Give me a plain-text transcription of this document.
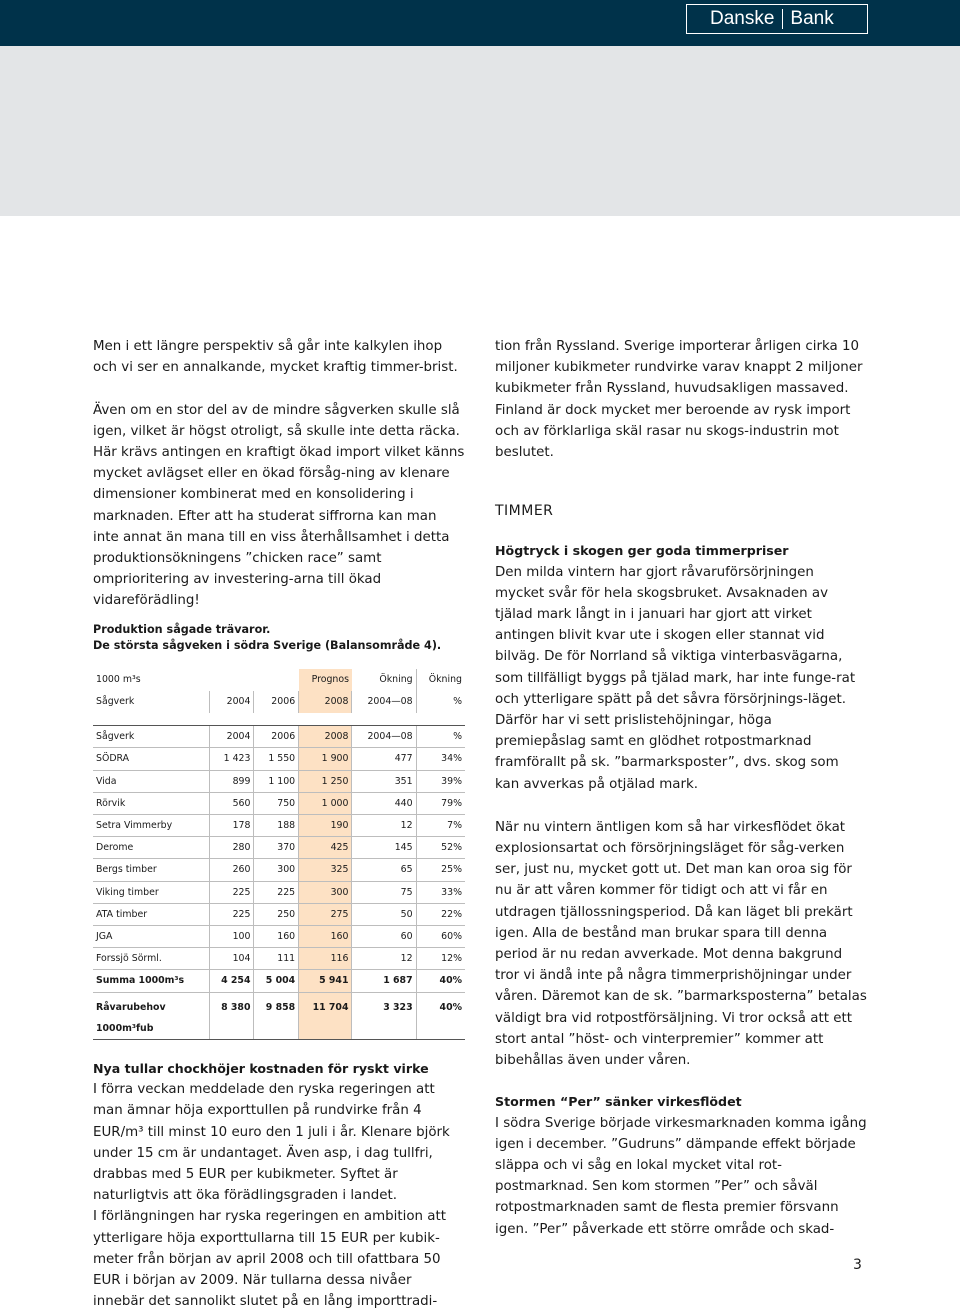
Danske Bank

Men i ett längre perspektiv så går inte kalkylen ihop och vi ser en annalkande, mycket kraftig timmer-brist.

Även om en stor del av de mindre sågverken skulle slå igen, vilket är högst otroligt, så skulle inte detta räcka. Här krävs antingen en kraftigt ökad import vilket känns mycket avlägset eller en ökad försåg-ning av klenare dimensioner kombinerat med en konsolidering i marknaden. Efter att ha studerat siffrorna kan man inte annat än mana till en viss återhållsamhet i detta produktionsökningens ”chicken race” samt omprioritering av investering-arna till ökad vidareförädling!

Produktion sågade trävaror.

De största sågveken i södra Sverige (Balansområde 4).

1000 m³s			Prognos	Ökning	Ökning
Sågverk	2004	2006	2008	2004—08	%

Sågverk	2004	2006	2008	2004—08	%
SÖDRA	1 423	1 550	1 900	477	34%
Vida	899	1 100	1 250	351	39%
Rörvik	560	750	1 000	440	79%
Setra Vimmerby	178	188	190	12	7%
Derome	280	370	425	145	52%
Bergs timber	260	300	325	65	25%
Viking timber	225	225	300	75	33%
ATA timber	225	250	275	50	22%
JGA	100	160	160	60	60%
Forssjö Sörml.	104	111	116	12	12%
Summa 1000m³s	4 254	5 004	5 941	1 687	40%
Råvarubehov
1000m³fub	8 380	9 858	11 704	3 323	40%

Nya tullar chockhöjer kostnaden för ryskt virke

I förra veckan meddelade den ryska regeringen att man ämnar höja exporttullen på rundvirke från 4 EUR/m³ till minst 10 euro den 1 juli i år. Klenare björk under 15 cm är undantaget. Även asp, i dag tullfri, drabbas med 5 EUR per kubikmeter. Syftet är naturligtvis att öka förädlingsgraden i landet.

I förlängningen har ryska regeringen en ambition att ytterligare höja exporttullarna till 15 EUR per kubik-meter från början av april 2008 och till ofattbara 50 EUR i början av 2009. När tullarna dessa nivåer innebär det sannolikt slutet på en lång importtradi-

tion från Ryssland. Sverige importerar årligen cirka 10 miljoner kubikmeter rundvirke varav knappt 2 miljoner kubikmeter från Ryssland, huvudsakligen massaved. Finland är dock mycket mer beroende av rysk import och av förklarliga skäl rasar nu skogs-industrin mot beslutet.

TIMMER

Högtryck i skogen ger goda timmerpriser

Den milda vintern har gjort råvaruförsörjningen mycket svår för hela skogsbruket. Avsaknaden av tjälad mark långt in i januari har gjort att virket antingen blivit kvar ute i skogen eller stannat vid bilväg. De för Norrland så viktiga vinterbasvägarna, som tillfälligt byggs på tjälad mark, har inte funge-rat och ytterligare spätt på det såvra försörjnings-läget. Därför har vi sett prislistehöjningar, höga premiepåslag samt en glödhet rotpostmarknad framförallt på sk. ”barmarksposter”, dvs. skog som kan avverkas på otjälad mark.

När nu vintern äntligen kom så har virkesflödet ökat explosionsartat och försörjningsläget för såg-verken ser, just nu, mycket gott ut. Det man kan oroa sig för nu är att våren kommer för tidigt och att vi får en utdragen tjällossningsperiod. Då kan läget bli prekärt igen. Alla de bestånd man brukar spara till denna period är nu redan avverkade. Mot denna bakgrund tror vi ändå inte på några timmerprishöjningar under våren. Däremot kan de sk. ”barmarksposterna” betalas väldigt bra vid rotpostförsäljning. Vi tror också att ett stort antal ”höst- och vinterpremier” kommer att bibehållas även under våren.

Stormen “Per” sänker virkesflödet

I södra Sverige började virkesmarknaden komma igång igen i december. ”Gudruns” dämpande effekt började släppa och vi såg en lokal mycket vital rot-postmarknad. Sen kom stormen ”Per” och såväl rotpostmarknaden samt de flesta premier försvann igen. ”Per” påverkade ett större område och skad-

3
